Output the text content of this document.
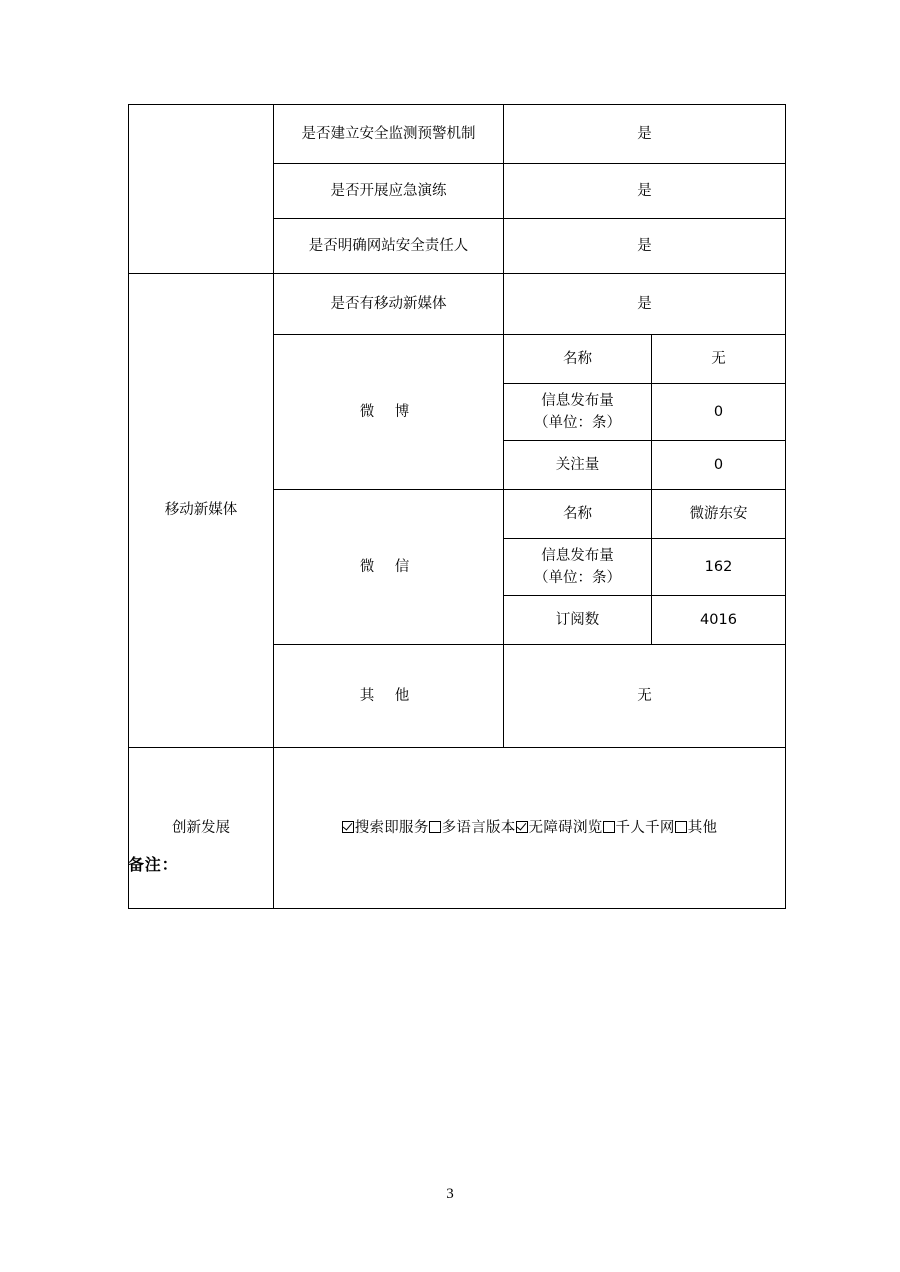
	是否建立安全监测预警机制	是	
	是否开展应急演练	是	
	是否明确网站安全责任人	是	
移动新媒体	是否有移动新媒体	是	
	微 博	名称	无

		信息发布量
（单位：条）	0
		关注量	0
	微 信	名称	微游东安

		信息发布量
（单位：条）	162
		订阅数	4016
	其 他	无	
创新发展	搜索即服务 多语言版本 无障碍浏览 千人千网 其他		
备注：
3
